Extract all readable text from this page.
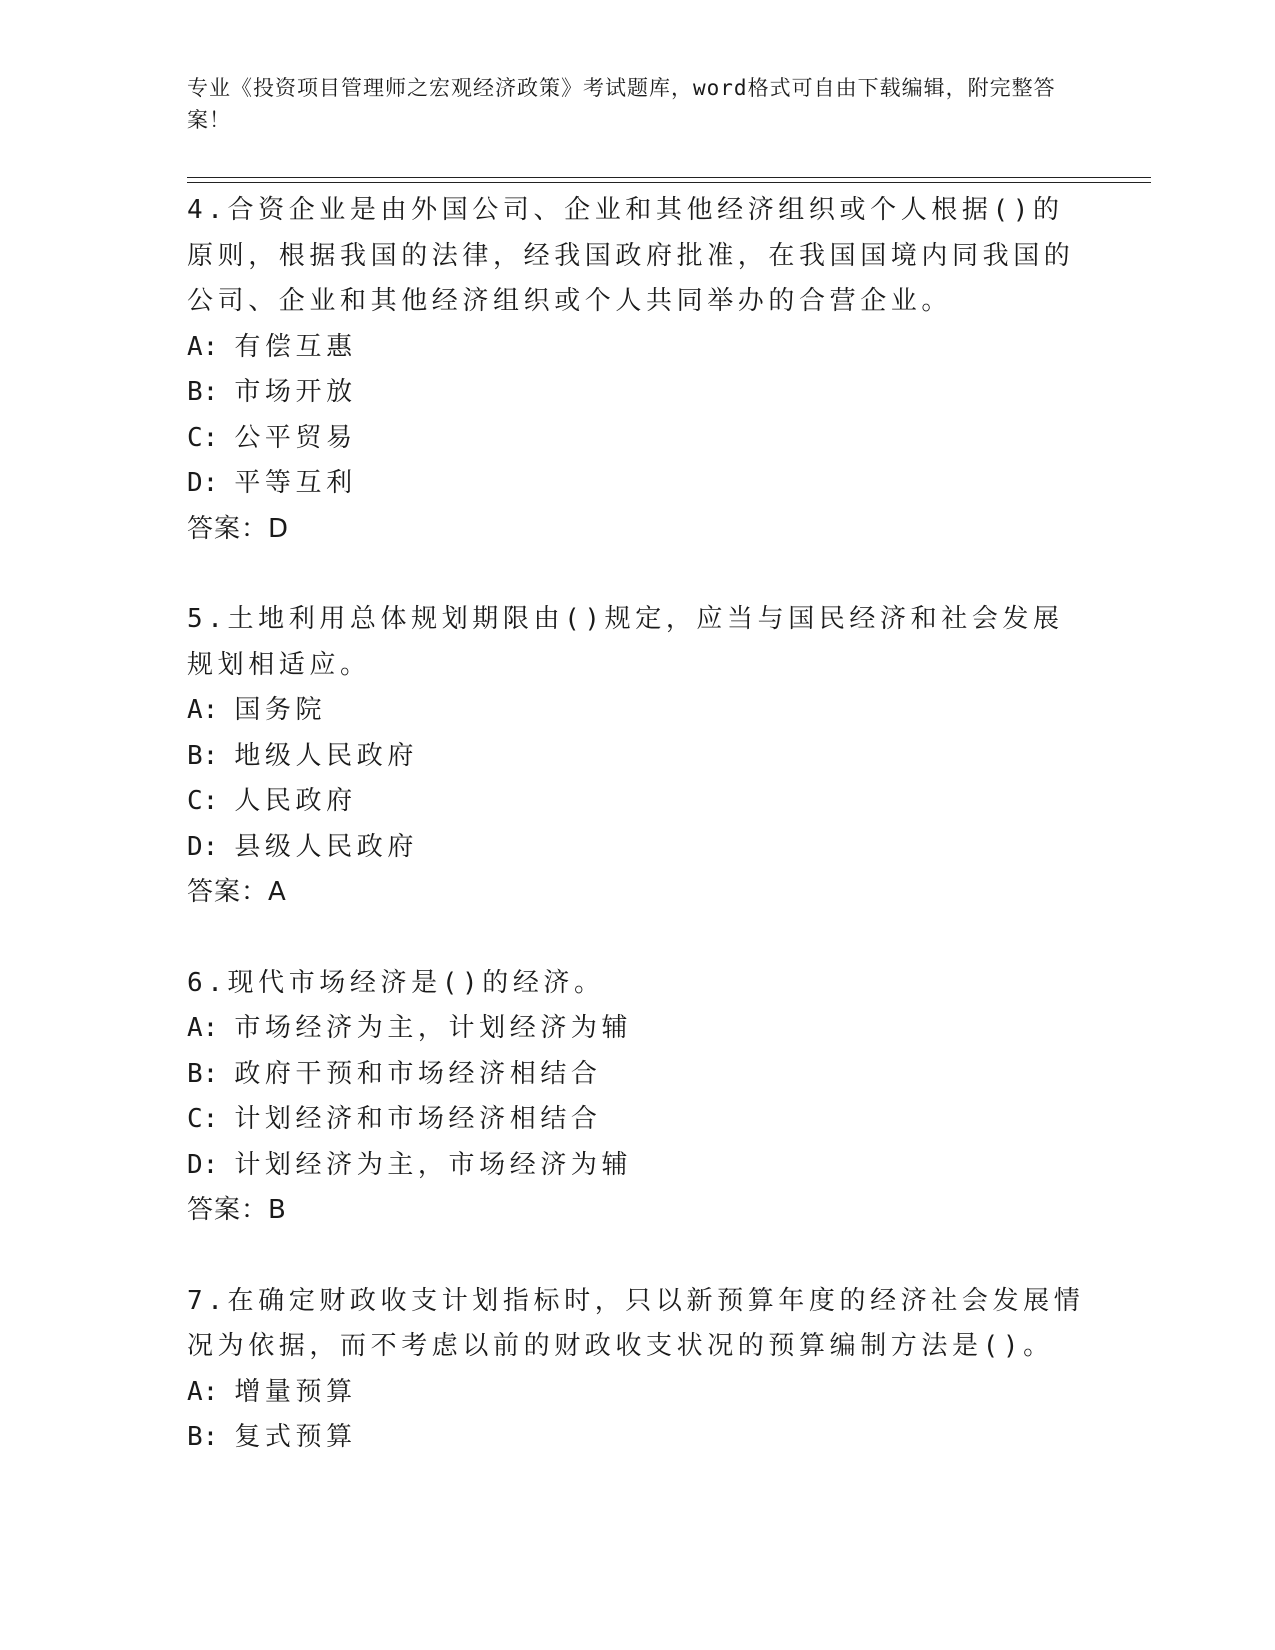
专业《投资项目管理师之宏观经济政策》考试题库，word格式可自由下载编辑，附完整答案！

4.合资企业是由外国公司、企业和其他经济组织或个人根据()的原则，根据我国的法律，经我国政府批准，在我国国境内同我国的公司、企业和其他经济组织或个人共同举办的合营企业。

A: 有偿互惠

B: 市场开放

C: 公平贸易

D: 平等互利

答案：D

5.土地利用总体规划期限由()规定，应当与国民经济和社会发展规划相适应。

A: 国务院

B: 地级人民政府

C: 人民政府

D: 县级人民政府

答案：A

6.现代市场经济是()的经济。

A: 市场经济为主，计划经济为辅

B: 政府干预和市场经济相结合

C: 计划经济和市场经济相结合

D: 计划经济为主，市场经济为辅

答案：B

7.在确定财政收支计划指标时，只以新预算年度的经济社会发展情况为依据，而不考虑以前的财政收支状况的预算编制方法是()。

A: 增量预算

B: 复式预算
